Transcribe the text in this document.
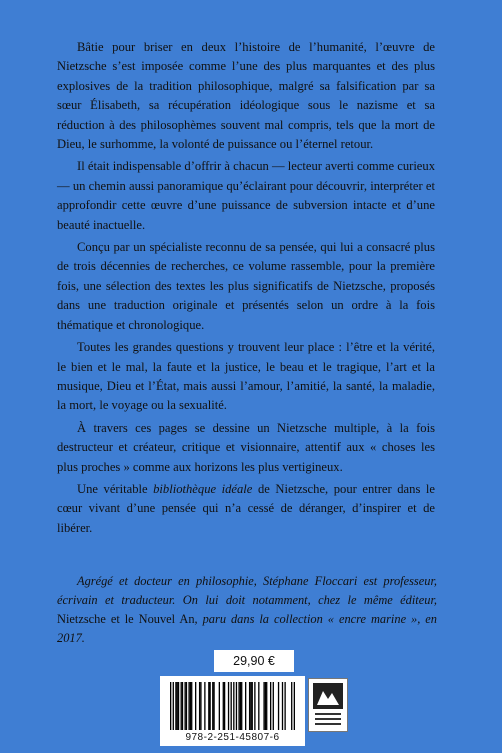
Bâtie pour briser en deux l’histoire de l’humanité, l’œuvre de Nietzsche s’est imposée comme l’une des plus marquantes et des plus explosives de la tradition philosophique, malgré sa falsification par sa sœur Élisabeth, sa récupération idéologique sous le nazisme et sa réduction à des philosophèmes souvent mal compris, tels que la mort de Dieu, le surhomme, la volonté de puissance ou l’éternel retour.

Il était indispensable d’offrir à chacun — lecteur averti comme curieux — un chemin aussi panoramique qu’éclairant pour découvrir, interpréter et approfondir cette œuvre d’une puissance de subversion intacte et d’une beauté inactuelle.

Conçu par un spécialiste reconnu de sa pensée, qui lui a consacré plus de trois décennies de recherches, ce volume rassemble, pour la première fois, une sélection des textes les plus significatifs de Nietzsche, proposés dans une traduction originale et présentés selon un ordre à la fois thématique et chronologique.

Toutes les grandes questions y trouvent leur place : l’être et la vérité, le bien et le mal, la faute et la justice, le beau et le tragique, l’art et la musique, Dieu et l’État, mais aussi l’amour, l’amitié, la santé, la maladie, la mort, le voyage ou la sexualité.

À travers ces pages se dessine un Nietzsche multiple, à la fois destructeur et créateur, critique et visionnaire, attentif aux « choses les plus proches » comme aux horizons les plus vertigineux.

Une véritable bibliothèque idéale de Nietzsche, pour entrer dans le cœur vivant d’une pensée qui n’a cessé de déranger, d’inspirer et de libérer.

Agrégé et docteur en philosophie, Stéphane Floccari est professeur, écrivain et traducteur. On lui doit notamment, chez le même éditeur, Nietzsche et le Nouvel An, paru dans la collection « encre marine », en 2017.

29,90 €
978-2-251-45807-6
